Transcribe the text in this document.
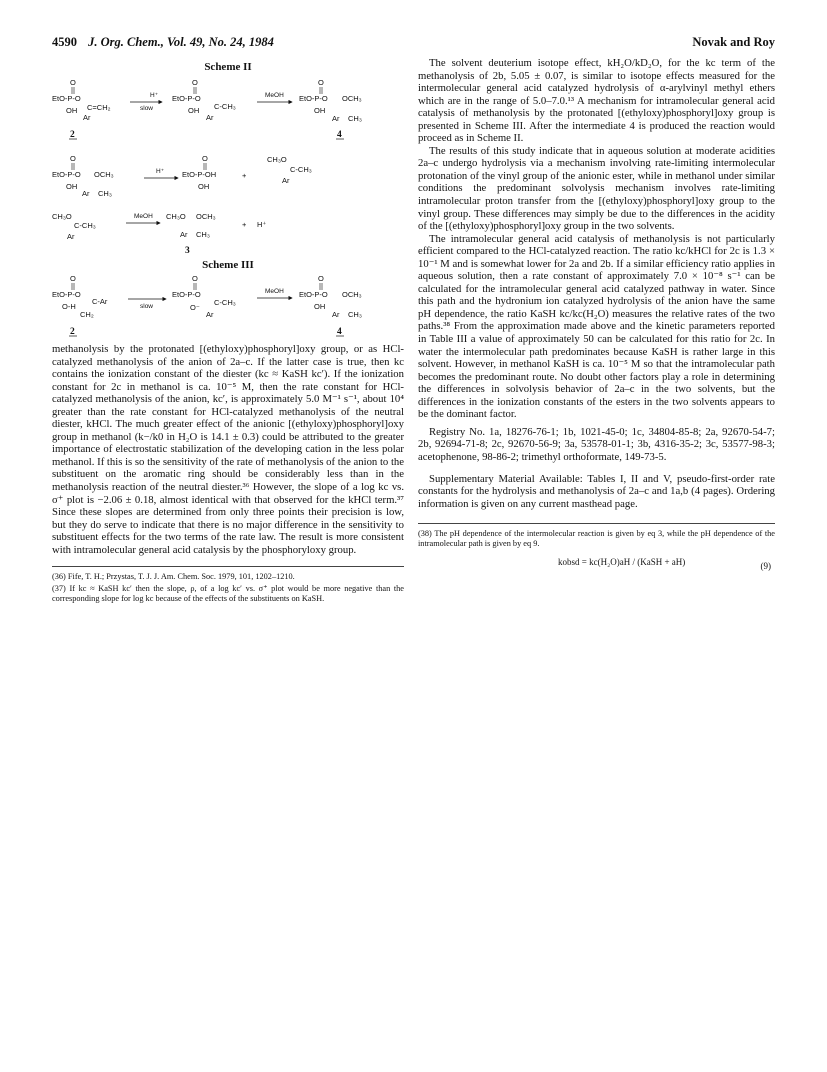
4590 J. Org. Chem., Vol. 49, No. 24, 1984	Novak and Roy
Scheme II
O
EtO-P-O
C=CH₂
OH
Ar
2
H⁺
slow
O
EtO-P-O
C-CH₃
OH
Ar
MeOH
O
EtO-P-O OCH₃
OH
Ar CH₃
4
O
EtO-P-O OCH₃
OH
Ar CH₃
H⁺
O
EtO-P-OH
OH
+
CH₃O
C-CH₃
Ar
CH₃O
C-CH₃
Ar
MeOH CH₃O OCH₃
Ar CH₃
3
+ H⁺
Scheme III
O
EtO-P-O
C-Ar
O-H
CH₂
2
slow
O
EtO-P-O
C-CH₃
O⁻
Ar
MeOH
O
EtO-P-O OCH₃
OH
Ar CH₃
4

methanolysis by the protonated [(ethyloxy)phosphoryl]oxy group, or as HCl-catalyzed methanolysis of the anion of 2a–c. If the latter case is true, then kc contains the ionization constant of the diester (kc ≈ KaSH kc′). If the ionization constant for 2c in methanol is ca. 10⁻⁵ M, then the rate constant for HCl-catalyzed methanolysis of the anion, kc′, is approximately 5.0 M⁻¹ s⁻¹, about 10⁴ greater than the rate constant for HCl-catalyzed methanolysis of the neutral diester, kHCl. The much greater effect of the anionic [(ethyloxy)phosphoryl]oxy group in methanol (k−/k0 in H₂O is 14.1 ± 0.3) could be attributed to the greater importance of electrostatic stabilization of the developing cation in the less polar methanol. If this is so the sensitivity of the rate of methanolysis of the anion to the substituent on the aromatic ring should be considerably less than in the methanolysis reaction of the neutral diester.³⁶ However, the slope of a log kc vs. σ⁺ plot is −2.06 ± 0.18, almost identical with that observed for the kHCl term.³⁷ Since these slopes are determined from only three points their precision is low, but they do serve to indicate that there is no major difference in the sensitivity to substituent effects for the two terms of the rate law. The result is more consistent with intramolecular general acid catalysis by the phosphoryloxy group.

(36) Fife, T. H.; Przystas, T. J. J. Am. Chem. Soc. 1979, 101, 1202–1210.

(37) If kc ≈ KaSH kc′ then the slope, ρ, of a log kc′ vs. σ⁺ plot would be more negative than the corresponding slope for log kc because of the effects of the substituents on KaSH.

The solvent deuterium isotope effect, kH₂O/kD₂O, for the kc term of the methanolysis of 2b, 5.05 ± 0.07, is similar to isotope effects measured for the intermolecular general acid catalyzed hydrolysis of α-arylvinyl methyl ethers which are in the range of 5.0–7.0.¹³ A mechanism for intramolecular general acid catalysis of methanolysis by the protonated [(ethyloxy)phosphoryl]oxy group is presented in Scheme III. After the intermediate 4 is produced the reaction would proceed as in Scheme II.

The results of this study indicate that in aqueous solution at moderate acidities 2a–c undergo hydrolysis via a mechanism involving rate-limiting intermolecular protonation of the vinyl group of the anionic ester, while in methanol under similar conditions the predominant solvolysis mechanism involves rate-limiting intramolecular proton transfer from the [(ethyloxy)phosphoryl]oxy group to the vinyl group. These differences may simply be due to the differences in the acidity of the [(ethyloxy)phosphoryl]oxy group in the two solvents.

The intramolecular general acid catalysis of methanolysis is not particularly efficient compared to the HCl-catalyzed reaction. The ratio kc/kHCl for 2c is 1.3 × 10⁻¹ M and is somewhat lower for 2a and 2b. If a similar efficiency ratio applies in aqueous solution, then a rate constant of approximately 7.0 × 10⁻⁸ s⁻¹ can be calculated for the intramolecular general acid catalyzed pathway in water. Since this path and the hydronium ion catalyzed hydrolysis of the anion have the same pH dependence, the ratio KaSH kc/kc(H₂O) measures the relative rates of the two paths.³⁸ From the approximation made above and the kinetic parameters reported in Table III a value of approximately 50 can be calculated for this ratio for 2c. In water the intermolecular path predominates because KaSH is rather large in this solvent. However, in methanol KaSH is ca. 10⁻⁵ M so that the intramolecular path becomes the predominant route. No doubt other factors play a role in determining the differences in solvolysis behavior of 2a–c in the two solvents, but the differences in the ionization constants of the esters in the two solvents appears to be the dominant factor.

Registry No. 1a, 18276-76-1; 1b, 1021-45-0; 1c, 34804-85-8; 2a, 92670-54-7; 2b, 92694-71-8; 2c, 92670-56-9; 3a, 53578-01-1; 3b, 4316-35-2; 3c, 53577-98-3; acetophenone, 98-86-2; trimethyl orthoformate, 149-73-5.

Supplementary Material Available: Tables I, II and V, pseudo-first-order rate constants for the hydrolysis and methanolysis of 2a–c and 1a,b (4 pages). Ordering information is given on any current masthead page.

(38) The pH dependence of the intermolecular reaction is given by eq 3, while the pH dependence of the intramolecular path is given by eq 9.

kobsd = kc(H₂O)aH / (KaSH + aH)	(9)
